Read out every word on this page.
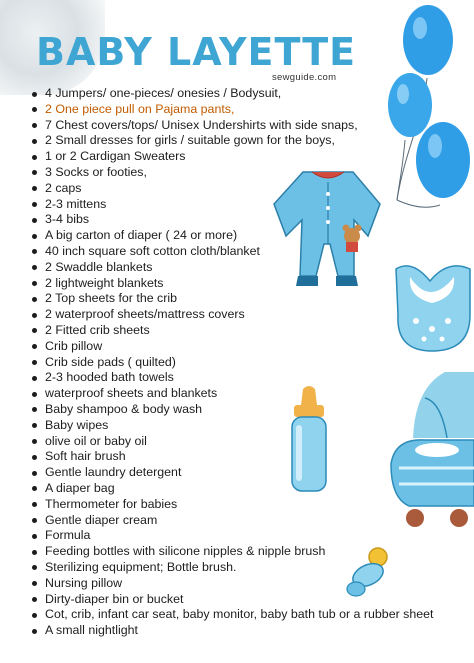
BABY LAYETTE
sewguide.com
4 Jumpers/ one-pieces/ onesies / Bodysuit,
2 One piece pull on Pajama pants,
7 Chest covers/tops/ Unisex Undershirts with side snaps,
2 Small dresses for girls / suitable gown for the boys,
1 or 2 Cardigan Sweaters
3 Socks or footies,
2 caps
2-3 mittens
3-4 bibs
A big carton of diaper ( 24 or more)
40 inch square soft cotton cloth/blanket
2 Swaddle blankets
2 lightweight blankets
2 Top sheets for the crib
2 waterproof sheets/mattress covers
2 Fitted crib sheets
Crib pillow
Crib side pads ( quilted)
2-3 hooded bath towels
waterproof sheets and blankets
Baby shampoo & body wash
Baby wipes
olive oil or baby oil
Soft hair brush
Gentle laundry detergent
A diaper bag
Thermometer for babies
Gentle diaper cream
Formula
Feeding bottles with silicone nipples & nipple brush
Sterilizing equipment; Bottle brush.
Nursing pillow
Dirty-diaper bin or bucket
Cot, crib, infant car seat, baby monitor, baby bath tub or a rubber sheet
A small nightlight
